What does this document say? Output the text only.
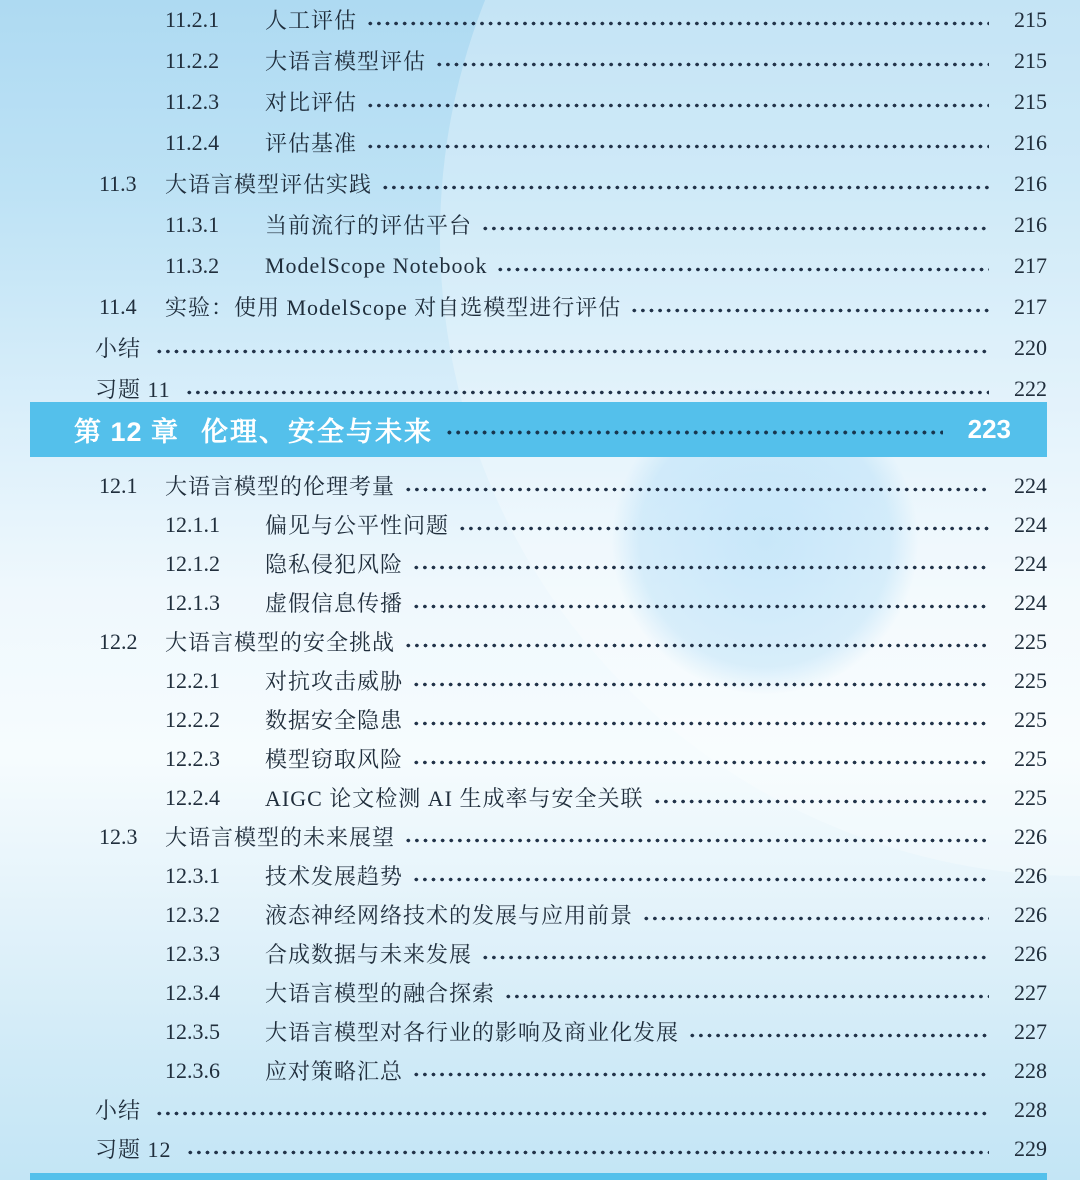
11.2.1	人工评估	215
11.2.2	大语言模型评估	215
11.2.3	对比评估	215
11.2.4	评估基准	216
11.3	大语言模型评估实践	216
11.3.1	当前流行的评估平台	216
11.3.2	ModelScope Notebook	217
11.4	实验：使用 ModelScope 对自选模型进行评估	217
小结	220
习题 11	222
第 12 章 伦理、安全与未来	223
12.1	大语言模型的伦理考量	224
12.1.1	偏见与公平性问题	224
12.1.2	隐私侵犯风险	224
12.1.3	虚假信息传播	224
12.2	大语言模型的安全挑战	225
12.2.1	对抗攻击威胁	225
12.2.2	数据安全隐患	225
12.2.3	模型窃取风险	225
12.2.4	AIGC 论文检测 AI 生成率与安全关联	225
12.3	大语言模型的未来展望	226
12.3.1	技术发展趋势	226
12.3.2	液态神经网络技术的发展与应用前景	226
12.3.3	合成数据与未来发展	226
12.3.4	大语言模型的融合探索	227
12.3.5	大语言模型对各行业的影响及商业化发展	227
12.3.6	应对策略汇总	228
小结	228
习题 12	229
